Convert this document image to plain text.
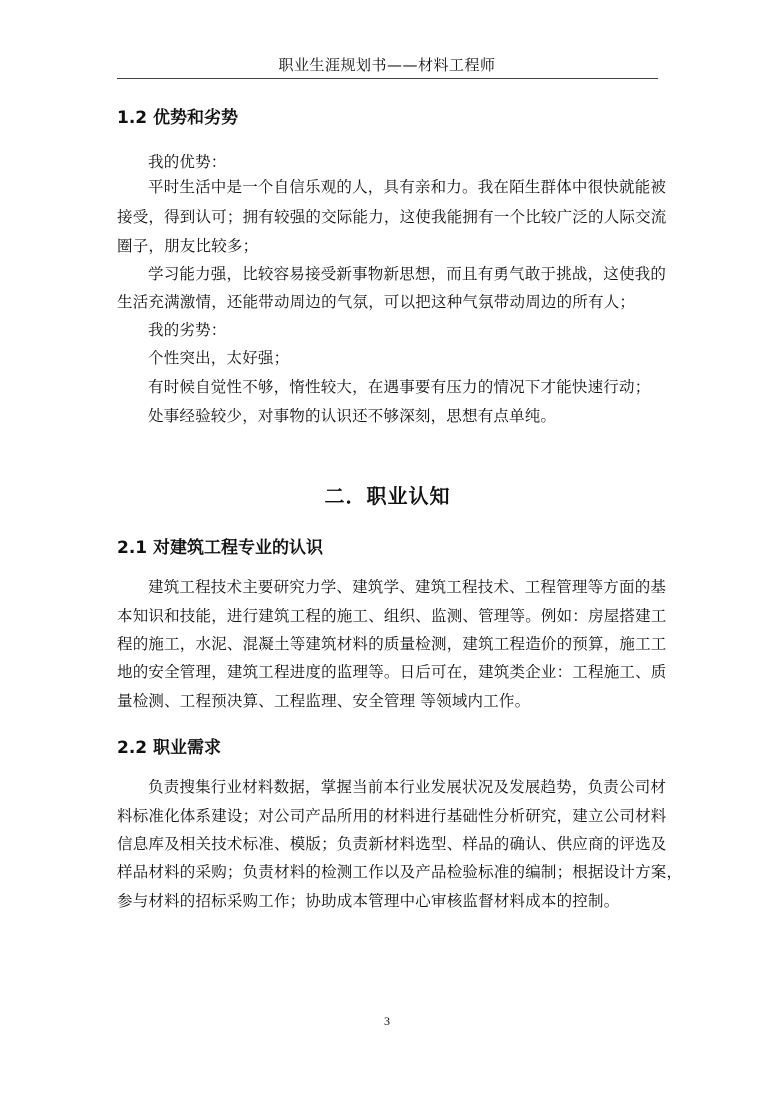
职业生涯规划书——材料工程师
1.2 优势和劣势
我的优势：
平时生活中是一个自信乐观的人，具有亲和力。我在陌生群体中很快就能被
接受，得到认可；拥有较强的交际能力，这使我能拥有一个比较广泛的人际交流
圈子，朋友比较多；
学习能力强，比较容易接受新事物新思想，而且有勇气敢于挑战，这使我的
生活充满激情，还能带动周边的气氛，可以把这种气氛带动周边的所有人；
我的劣势：
个性突出，太好强；
有时候自觉性不够，惰性较大，在遇事要有压力的情况下才能快速行动；
处事经验较少，对事物的认识还不够深刻，思想有点单纯。
二．职业认知
2.1 对建筑工程专业的认识
建筑工程技术主要研究力学、建筑学、建筑工程技术、工程管理等方面的基
本知识和技能，进行建筑工程的施工、组织、监测、管理等。例如：房屋搭建工
程的施工，水泥、混凝土等建筑材料的质量检测，建筑工程造价的预算，施工工
地的安全管理，建筑工程进度的监理等。日后可在，建筑类企业：工程施工、质
量检测、工程预决算、工程监理、安全管理 等领域内工作。
2.2 职业需求
负责搜集行业材料数据，掌握当前本行业发展状况及发展趋势，负责公司材
料标准化体系建设；对公司产品所用的材料进行基础性分析研究，建立公司材料
信息库及相关技术标准、模版；负责新材料选型、样品的确认、供应商的评选及
样品材料的采购；负责材料的检测工作以及产品检验标准的编制；根据设计方案，
参与材料的招标采购工作；协助成本管理中心审核监督材料成本的控制。
3
